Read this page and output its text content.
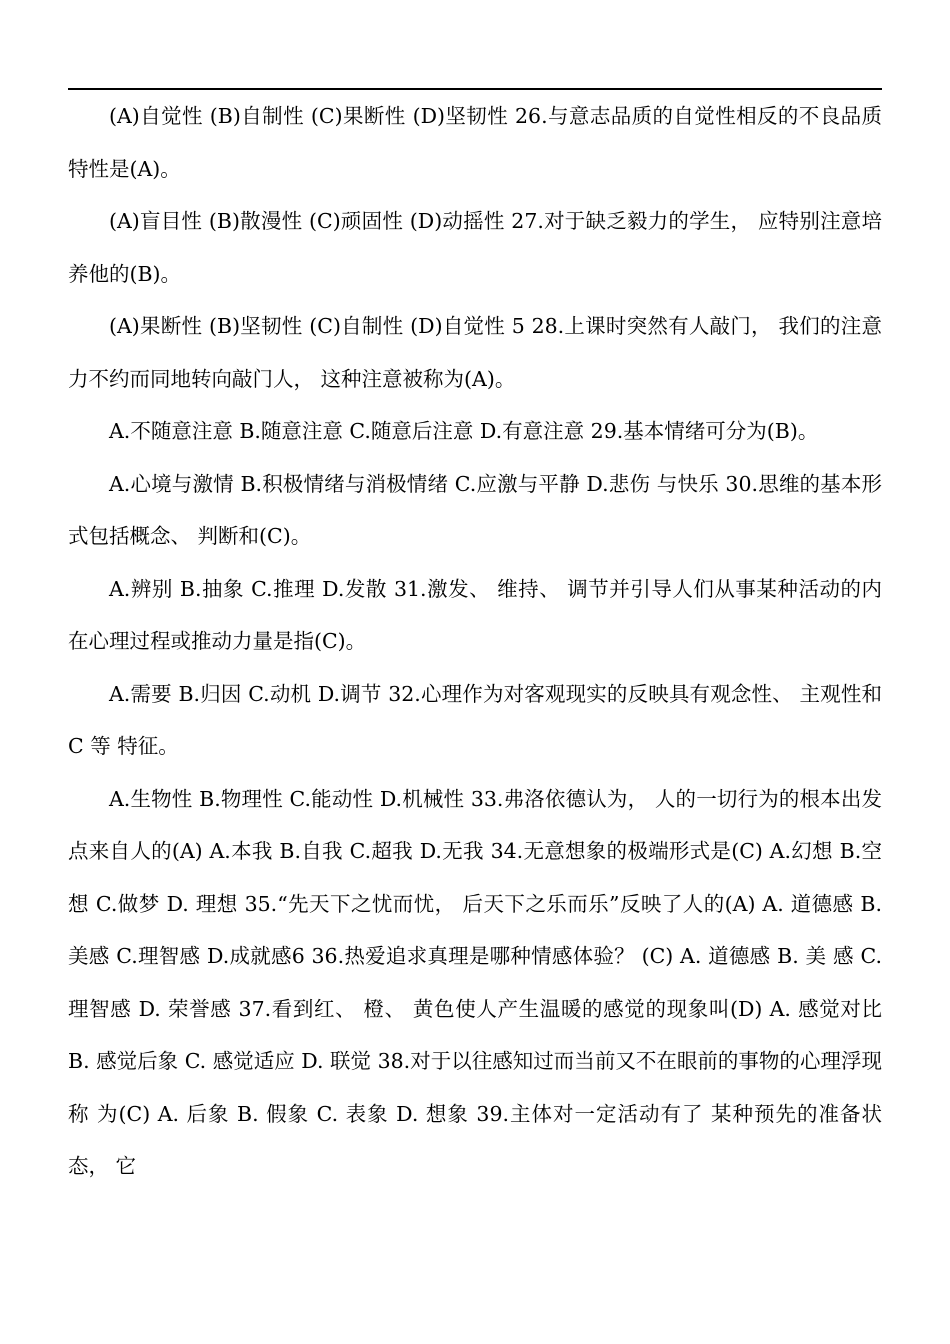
(A)自觉性 (B)自制性 (C)果断性 (D)坚韧性 26.与意志品质的自觉性相反的不良品质特性是(A)。

(A)盲目性 (B)散漫性 (C)顽固性 (D)动摇性 27.对于缺乏毅力的学生， 应特别注意培养他的(B)。

(A)果断性 (B)坚韧性 (C)自制性 (D)自觉性 5 28.上课时突然有人敲门， 我们的注意力不约而同地转向敲门人， 这种注意被称为(A)。

A.不随意注意 B.随意注意 C.随意后注意 D.有意注意 29.基本情绪可分为(B)。

A.心境与激情 B.积极情绪与消极情绪 C.应激与平静 D.悲伤 与快乐 30.思维的基本形式包括概念、 判断和(C)。

A.辨别 B.抽象 C.推理 D.发散 31.激发、 维持、 调节并引导人们从事某种活动的内在心理过程或推动力量是指(C)。

A.需要 B.归因 C.动机 D.调节 32.心理作为对客观现实的反映具有观念性、 主观性和 C 等 特征。

A.生物性 B.物理性 C.能动性 D.机械性 33.弗洛依德认为， 人的一切行为的根本出发点来自人的(A) A.本我 B.自我 C.超我 D.无我 34.无意想象的极端形式是(C) A.幻想 B.空想 C.做梦 D. 理想 35.“先天下之忧而忧， 后天下之乐而乐”反映了人的(A) A. 道德感 B.美感 C.理智感 D.成就感6 36.热爱追求真理是哪种情感体验？ (C) A. 道德感 B. 美 感 C. 理智感 D. 荣誉感 37.看到红、 橙、 黄色使人产生温暖的感觉的现象叫(D) A. 感觉对比 B. 感觉后象 C. 感觉适应 D. 联觉 38.对于以往感知过而当前又不在眼前的事物的心理浮现称 为(C) A. 后象 B. 假象 C. 表象 D. 想象 39.主体对一定活动有了 某种预先的准备状态， 它
